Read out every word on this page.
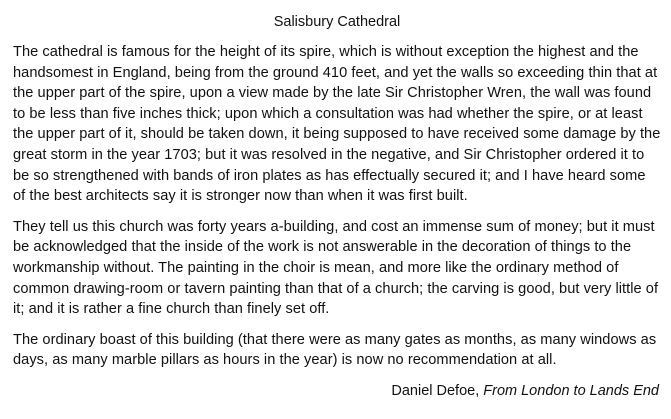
Salisbury Cathedral

The cathedral is famous for the height of its spire, which is without exception the highest and the handsomest in England, being from the ground 410 feet, and yet the walls so exceeding thin that at the upper part of the spire, upon a view made by the late Sir Christopher Wren, the wall was found to be less than five inches thick; upon which a consultation was had whether the spire, or at least the upper part of it, should be taken down, it being supposed to have received some damage by the great storm in the year 1703; but it was resolved in the negative, and Sir Christopher ordered it to be so strengthened with bands of iron plates as has effectually secured it; and I have heard some of the best architects say it is stronger now than when it was first built.

They tell us this church was forty years a-building, and cost an immense sum of money; but it must be acknowledged that the inside of the work is not answerable in the decoration of things to the workmanship without. The painting in the choir is mean, and more like the ordinary method of common drawing-room or tavern painting than that of a church; the carving is good, but very little of it; and it is rather a fine church than finely set off.

The ordinary boast of this building (that there were as many gates as months, as many windows as days, as many marble pillars as hours in the year) is now no recommendation at all.

Daniel Defoe, From London to Lands End
